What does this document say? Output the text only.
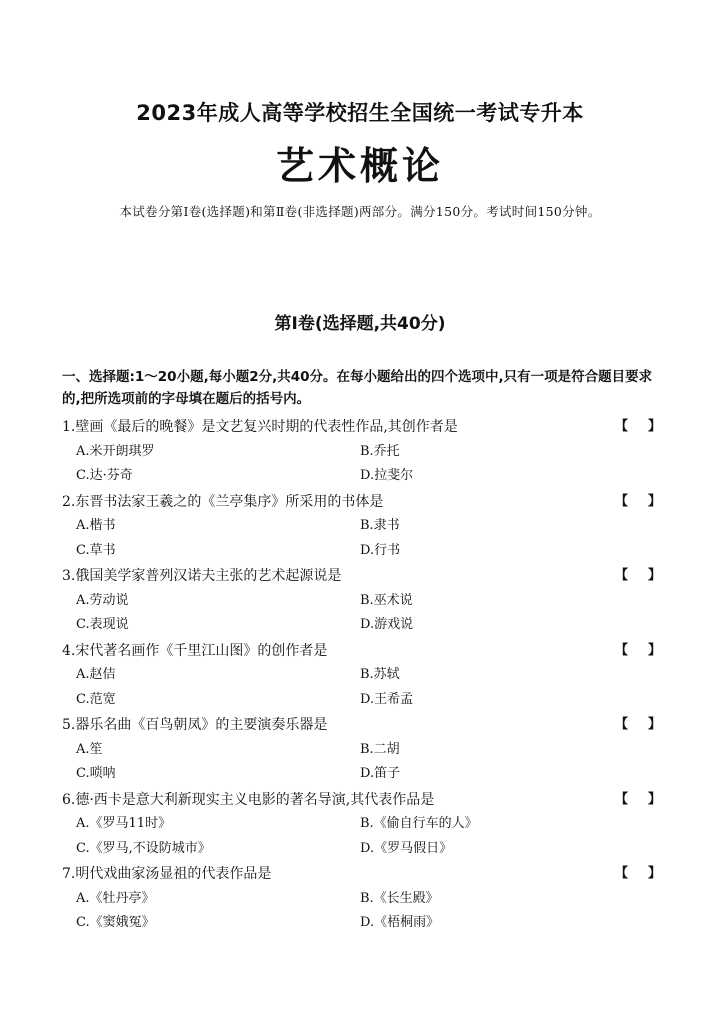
2023年成人高等学校招生全国统一考试专升本
艺术概论
本试卷分第Ⅰ卷(选择题)和第Ⅱ卷(非选择题)两部分。满分150分。考试时间150分钟。
第Ⅰ卷(选择题,共40分)
一、选择题:1～20小题,每小题2分,共40分。在每小题给出的四个选项中,只有一项是符合题目要求的,把所选项前的字母填在题后的括号内。
1.壁画《最后的晚餐》是文艺复兴时期的代表性作品,其创作者是	【 】
A.米开朗琪罗	B.乔托
C.达·芬奇	D.拉斐尔
2.东晋书法家王羲之的《兰亭集序》所采用的书体是	【 】
A.楷书	B.隶书
C.草书	D.行书
3.俄国美学家普列汉诺夫主张的艺术起源说是	【 】
A.劳动说	B.巫术说
C.表现说	D.游戏说
4.宋代著名画作《千里江山图》的创作者是	【 】
A.赵佶	B.苏轼
C.范宽	D.王希孟
5.器乐名曲《百鸟朝凤》的主要演奏乐器是	【 】
A.笙	B.二胡
C.唢呐	D.笛子
6.德·西卡是意大利新现实主义电影的著名导演,其代表作品是	【 】
A.《罗马11时》	B.《偷自行车的人》
C.《罗马,不设防城市》	D.《罗马假日》
7.明代戏曲家汤显祖的代表作品是	【 】
A.《牡丹亭》	B.《长生殿》
C.《窦娥冤》	D.《梧桐雨》
